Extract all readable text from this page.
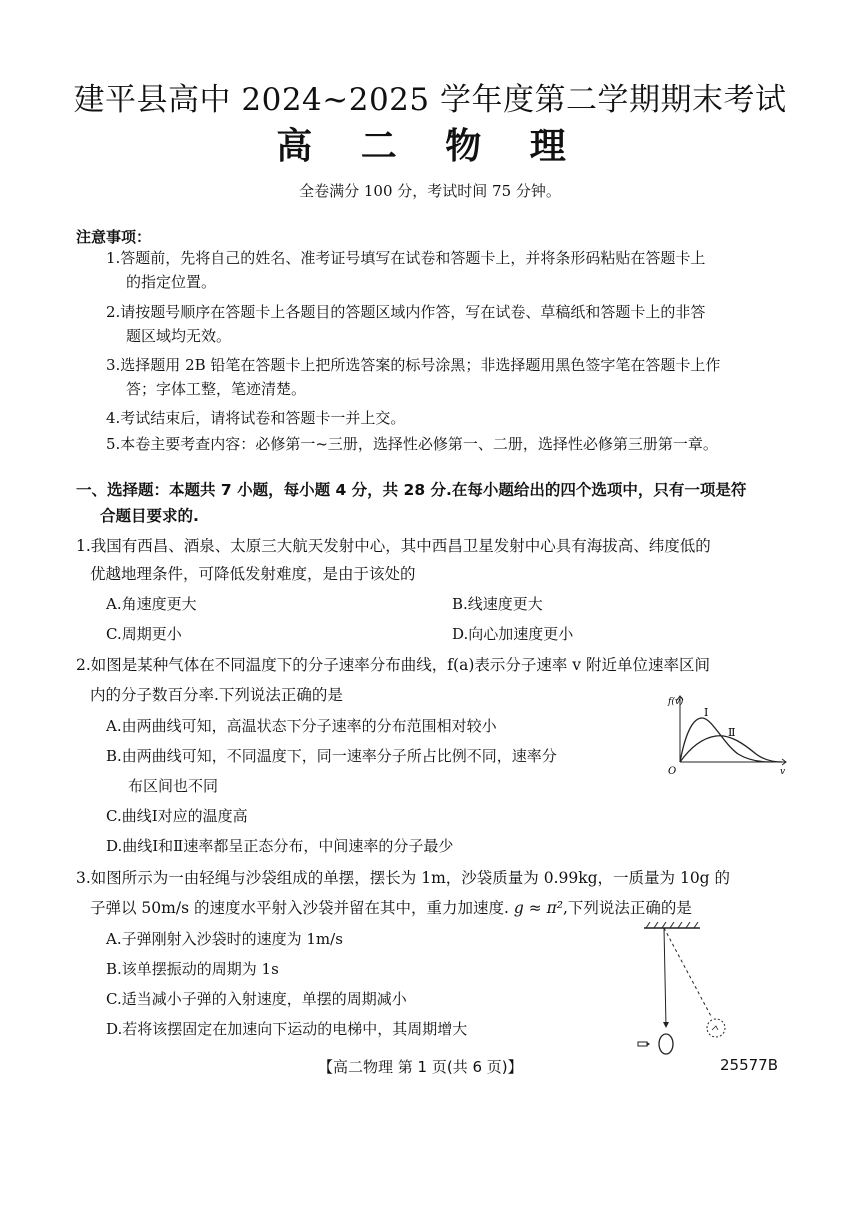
建平县高中 2024~2025 学年度第二学期期末考试
高 二 物 理
全卷满分 100 分，考试时间 75 分钟。
注意事项：
1.答题前，先将自己的姓名、准考证号填写在试卷和答题卡上，并将条形码粘贴在答题卡上
的指定位置。
2.请按题号顺序在答题卡上各题目的答题区域内作答，写在试卷、草稿纸和答题卡上的非答
题区域均无效。
3.选择题用 2B 铅笔在答题卡上把所选答案的标号涂黑；非选择题用黑色签字笔在答题卡上作
答；字体工整，笔迹清楚。
4.考试结束后，请将试卷和答题卡一并上交。
5.本卷主要考查内容：必修第一~三册，选择性必修第一、二册，选择性必修第三册第一章。
一、选择题：本题共 7 小题，每小题 4 分，共 28 分.在每小题给出的四个选项中，只有一项是符
合题目要求的.
1.我国有西昌、酒泉、太原三大航天发射中心，其中西昌卫星发射中心具有海拔高、纬度低的
优越地理条件，可降低发射难度，是由于该处的
A.角速度更大	B.线速度更大
C.周期更小	D.向心加速度更小
2.如图是某种气体在不同温度下的分子速率分布曲线，f(a)表示分子速率 v 附近单位速率区间
内的分子数百分率.下列说法正确的是
A.由两曲线可知，高温状态下分子速率的分布范围相对较小
B.由两曲线可知，不同温度下，同一速率分子所占比例不同，速率分
布区间也不同
C.曲线Ⅰ对应的温度高
D.曲线Ⅰ和Ⅱ速率都呈正态分布，中间速率的分子最少
f(v)
v
O
Ⅰ
Ⅱ
3.如图所示为一由轻绳与沙袋组成的单摆，摆长为 1m，沙袋质量为 0.99kg，一质量为 10g 的
子弹以 50m/s 的速度水平射入沙袋并留在其中，重力加速度. g ≈ π²,下列说法正确的是
A.子弹刚射入沙袋时的速度为 1m/s
B.该单摆振动的周期为 1s
C.适当减小子弹的入射速度，单摆的周期减小
D.若将该摆固定在加速向下运动的电梯中，其周期增大
【高二物理 第 1 页(共 6 页)】	25577B
